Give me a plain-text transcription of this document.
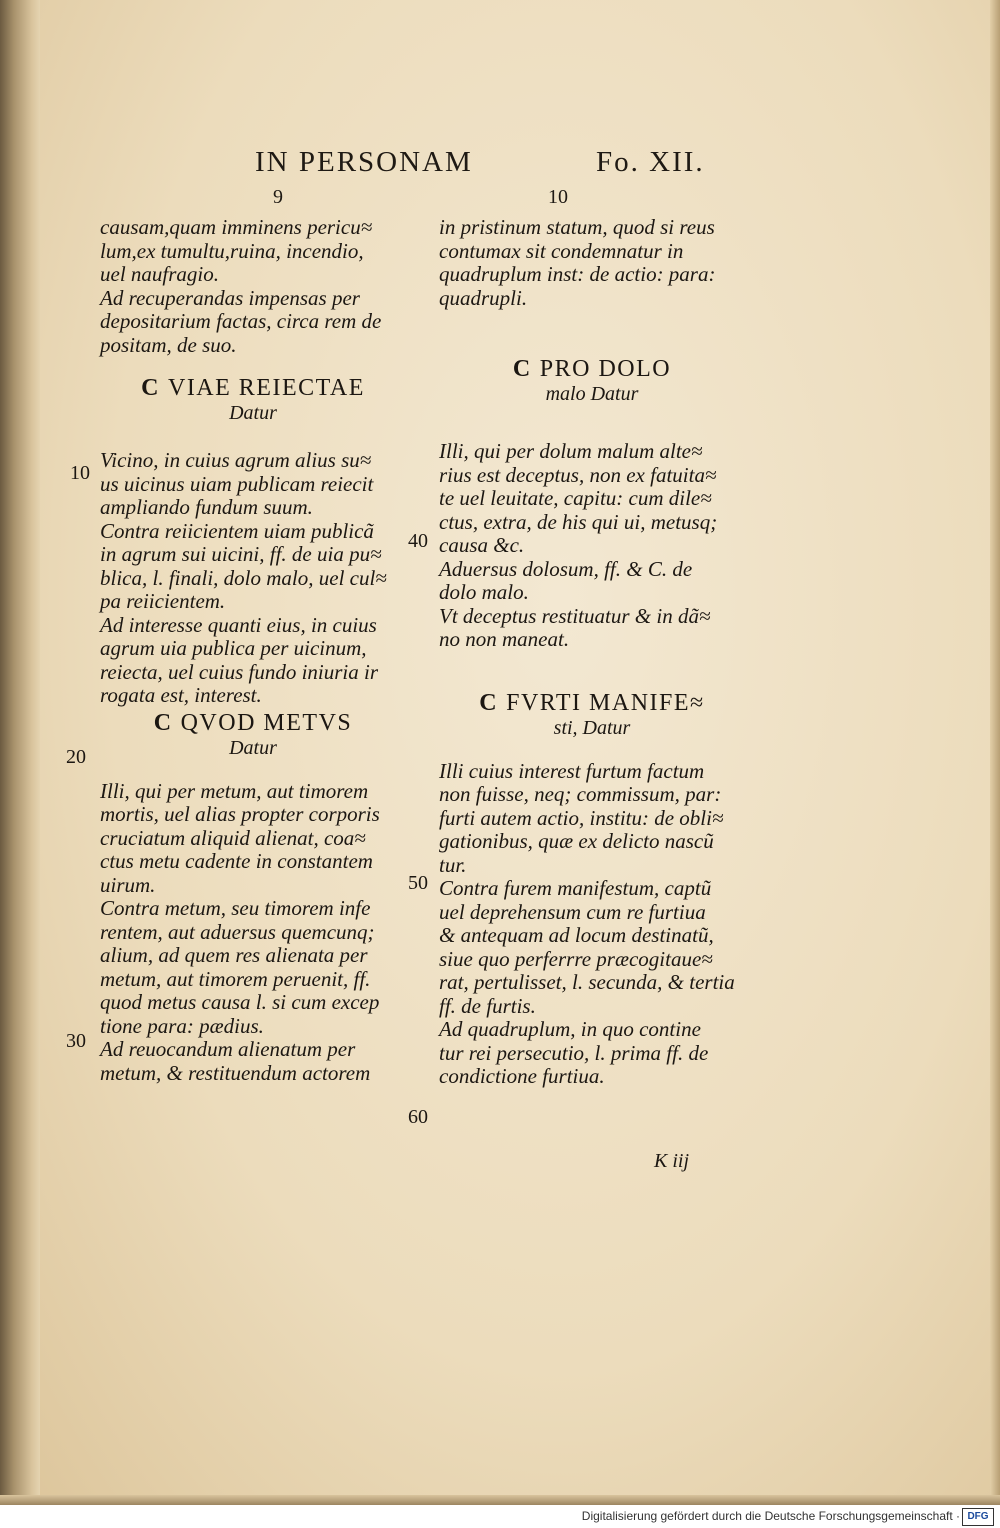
IN PERSONAM	Fo. XII.
9	10
causam,quam imminens pericu≈
lum,ex tumultu,ruina, incendio,
uel naufragio.
Ad recuperandas impensas per
depositarium factas, circa rem de
positam, de suo.
C VIAE REIECTAE
Datur
Vicino, in cuius agrum alius su≈
us uicinus uiam publicam reiecit
ampliando fundum suum.
Contra reiicientem uiam publicã
in agrum sui uicini, ff. de uia pu≈
blica, l. finali, dolo malo, uel cul≈
pa reiicientem.
Ad interesse quanti eius, in cuius
agrum uia publica per uicinum,
reiecta, uel cuius fundo iniuria ir
rogata est, interest.
C QVOD METVS
Datur
Illi, qui per metum, aut timorem
mortis, uel alias propter corporis
cruciatum aliquid alienat, coa≈
ctus metu cadente in constantem
uirum.
Contra metum, seu timorem infe
rentem, aut aduersus quemcunq;
alium, ad quem res alienata per
metum, aut timorem peruenit, ff.
quod metus causa l. si cum excep
tione para: pædius.
Ad reuocandum alienatum per
metum, & restituendum actorem
in pristinum statum, quod si reus
contumax sit condemnatur in
quadruplum inst: de actio: para:
quadrupli.
C PRO DOLO
malo Datur
Illi, qui per dolum malum alte≈
rius est deceptus, non ex fatuita≈
te uel leuitate, capitu: cum dile≈
ctus, extra, de his qui ui, metusq;
causa &c.
Aduersus dolosum, ff. & C. de
dolo malo.
Vt deceptus restituatur & in dã≈
no non maneat.
C FVRTI MANIFE≈
sti, Datur
Illi cuius interest furtum factum
non fuisse, neq; commissum, par:
furti autem actio, institu: de obli≈
gationibus, quæ ex delicto nascũ
tur.
Contra furem manifestum, captũ
uel deprehensum cum re furtiua
& antequam ad locum destinatũ,
siue quo perferrre præcogitaue≈
rat, pertulisset, l. secunda, & tertia
ff. de furtis.
Ad quadruplum, in quo contine
tur rei persecutio, l. prima ff. de
condictione furtiua.
10
20
30
40
50
60
K iij
Digitalisierung gefördert durch die Deutsche Forschungsgemeinschaft · DFG
